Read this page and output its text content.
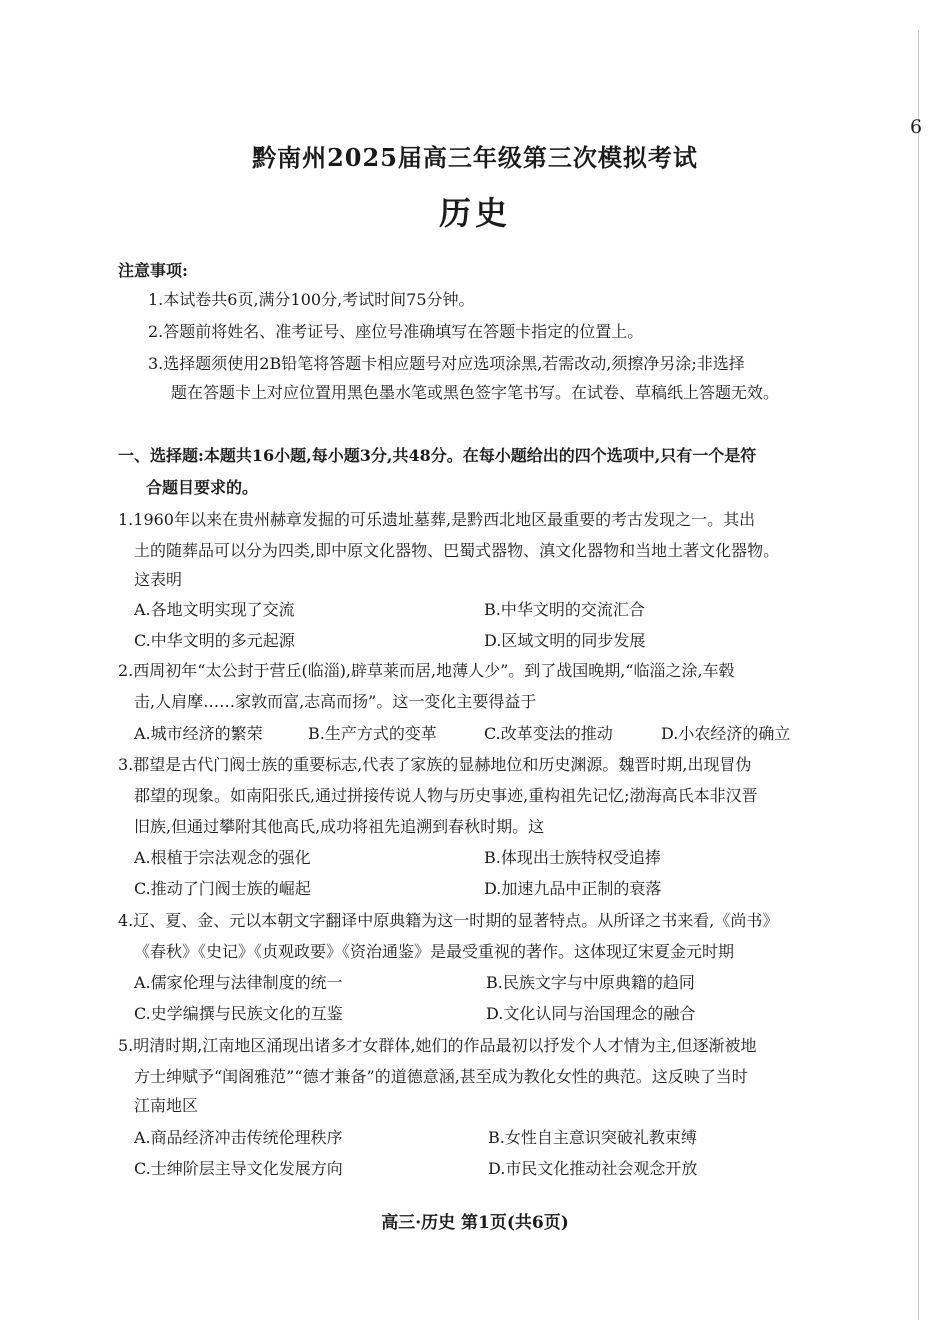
6
黔南州2025届高三年级第三次模拟考试
历史
注意事项:
1.本试卷共6页,满分100分,考试时间75分钟。
2.答题前将姓名、准考证号、座位号准确填写在答题卡指定的位置上。
3.选择题须使用2B铅笔将答题卡相应题号对应选项涂黑,若需改动,须擦净另涂;非选择
题在答题卡上对应位置用黑色墨水笔或黑色签字笔书写。在试卷、草稿纸上答题无效。
一、选择题:本题共16小题,每小题3分,共48分。在每小题给出的四个选项中,只有一个是符
合题目要求的。
1.1960年以来在贵州赫章发掘的可乐遗址墓葬,是黔西北地区最重要的考古发现之一。其出
土的随葬品可以分为四类,即中原文化器物、巴蜀式器物、滇文化器物和当地土著文化器物。
这表明
A.各地文明实现了交流	B.中华文明的交流汇合
C.中华文明的多元起源	D.区域文明的同步发展
2.西周初年“太公封于营丘(临淄),辟草莱而居,地薄人少”。到了战国晚期,“临淄之涂,车毂
击,人肩摩……家敦而富,志高而扬”。这一变化主要得益于
A.城市经济的繁荣	B.生产方式的变革	C.改革变法的推动	D.小农经济的确立
3.郡望是古代门阀士族的重要标志,代表了家族的显赫地位和历史渊源。魏晋时期,出现冒伪
郡望的现象。如南阳张氏,通过拼接传说人物与历史事迹,重构祖先记忆;渤海高氏本非汉晋
旧族,但通过攀附其他高氏,成功将祖先追溯到春秋时期。这
A.根植于宗法观念的强化	B.体现出士族特权受追捧
C.推动了门阀士族的崛起	D.加速九品中正制的衰落
4.辽、夏、金、元以本朝文字翻译中原典籍为这一时期的显著特点。从所译之书来看,《尚书》
《春秋》《史记》《贞观政要》《资治通鉴》是最受重视的著作。这体现辽宋夏金元时期
A.儒家伦理与法律制度的统一	B.民族文字与中原典籍的趋同
C.史学编撰与民族文化的互鉴	D.文化认同与治国理念的融合
5.明清时期,江南地区涌现出诸多才女群体,她们的作品最初以抒发个人才情为主,但逐渐被地
方士绅赋予“闺阁雅范”“德才兼备”的道德意涵,甚至成为教化女性的典范。这反映了当时
江南地区
A.商品经济冲击传统伦理秩序	B.女性自主意识突破礼教束缚
C.士绅阶层主导文化发展方向	D.市民文化推动社会观念开放
高三·历史 第1页(共6页)
